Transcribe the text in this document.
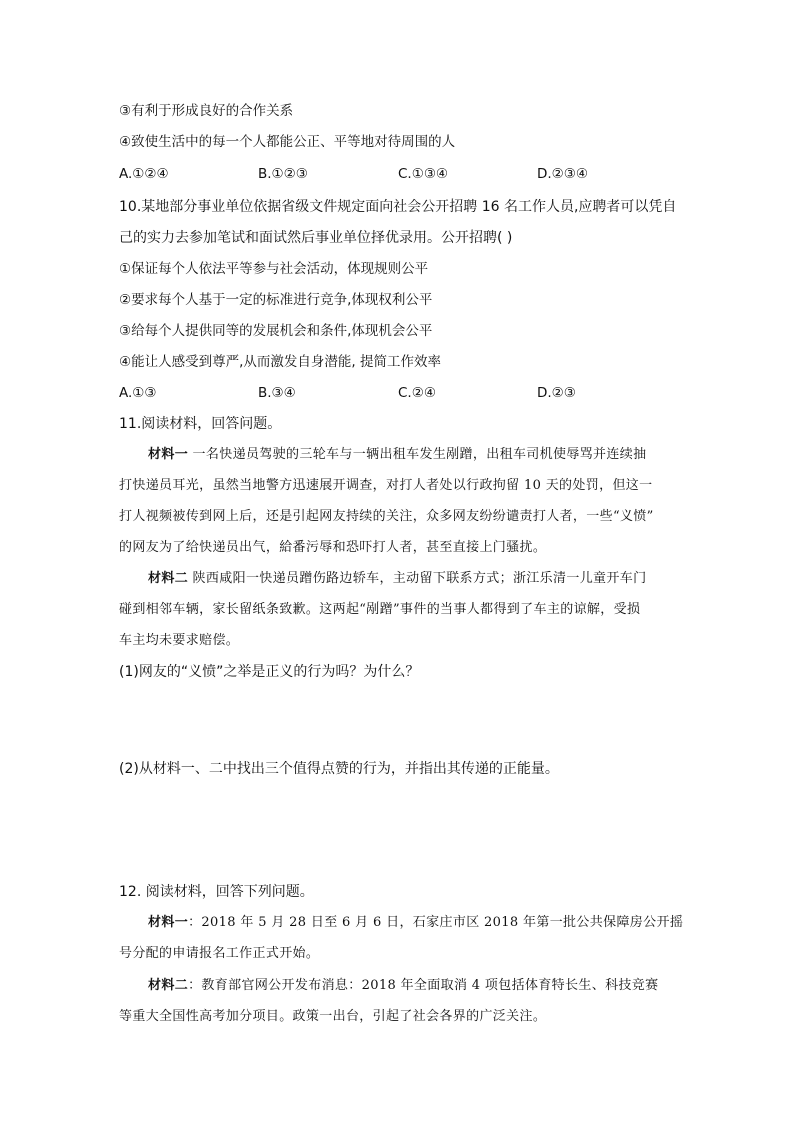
③有利于形成良好的合作关系
④致使生活中的每一个人都能公正、平等地对待周围的人
A.①②④	B.①②③	C.①③④	D.②③④
10.某地部分事业单位依据省级文件规定面向社会公开招聘 16 名工作人员,应聘者可以凭自
己的实力去参加笔试和面试然后事业单位择优录用。公开招聘( )
①保证每个人依法平等参与社会活动，体现规则公平
②要求每个人基于一定的标准进行竞争,体现权利公平
③给每个人提供同等的发展机会和条件,体现机会公平
④能让人感受到尊严,从而激发自身潜能, 提简工作效率
A.①③	B.③④	C.②④	D.②③
11.阅读材料，回答问题。
材料一 一名快递员驾驶的三轮车与一辆出租车发生剐蹭，出租车司机使辱骂并连续抽
打快递员耳光，虽然当地警方迅速展开调查，对打人者处以行政拘留 10 天的处罚，但这一
打人视频被传到网上后，还是引起网友持续的关注，众多网友纷纷谴责打人者，一些“义愤”
的网友为了给快递员出气，給番污辱和恐吓打人者，甚至直接上门骚扰。
材料二 陕西咸阳一快递员蹭伤路边轿车，主动留下联系方式；浙江乐清一儿童开车门
碰到相邻车辆，家长留纸条致歉。这两起“剐蹭”事件的当事人都得到了车主的谅解，受损
车主均未要求赔偿。
(1)网友的“义愤”之举是正义的行为吗？为什么？
(2)从材料一、二中找出三个值得点赞的行为，并指出其传递的正能量。
12. 阅读材料，回答下列问题。
材料一：2018 年 5 月 28 日至 6 月 6 日，石家庄市区 2018 年第一批公共保障房公开摇
号分配的申请报名工作正式开始。
材料二：教育部官网公开发布消息：2018 年全面取消 4 项包括体育特长生、科技竞赛
等重大全国性高考加分项目。政策一出台，引起了社会各界的广泛关注。
